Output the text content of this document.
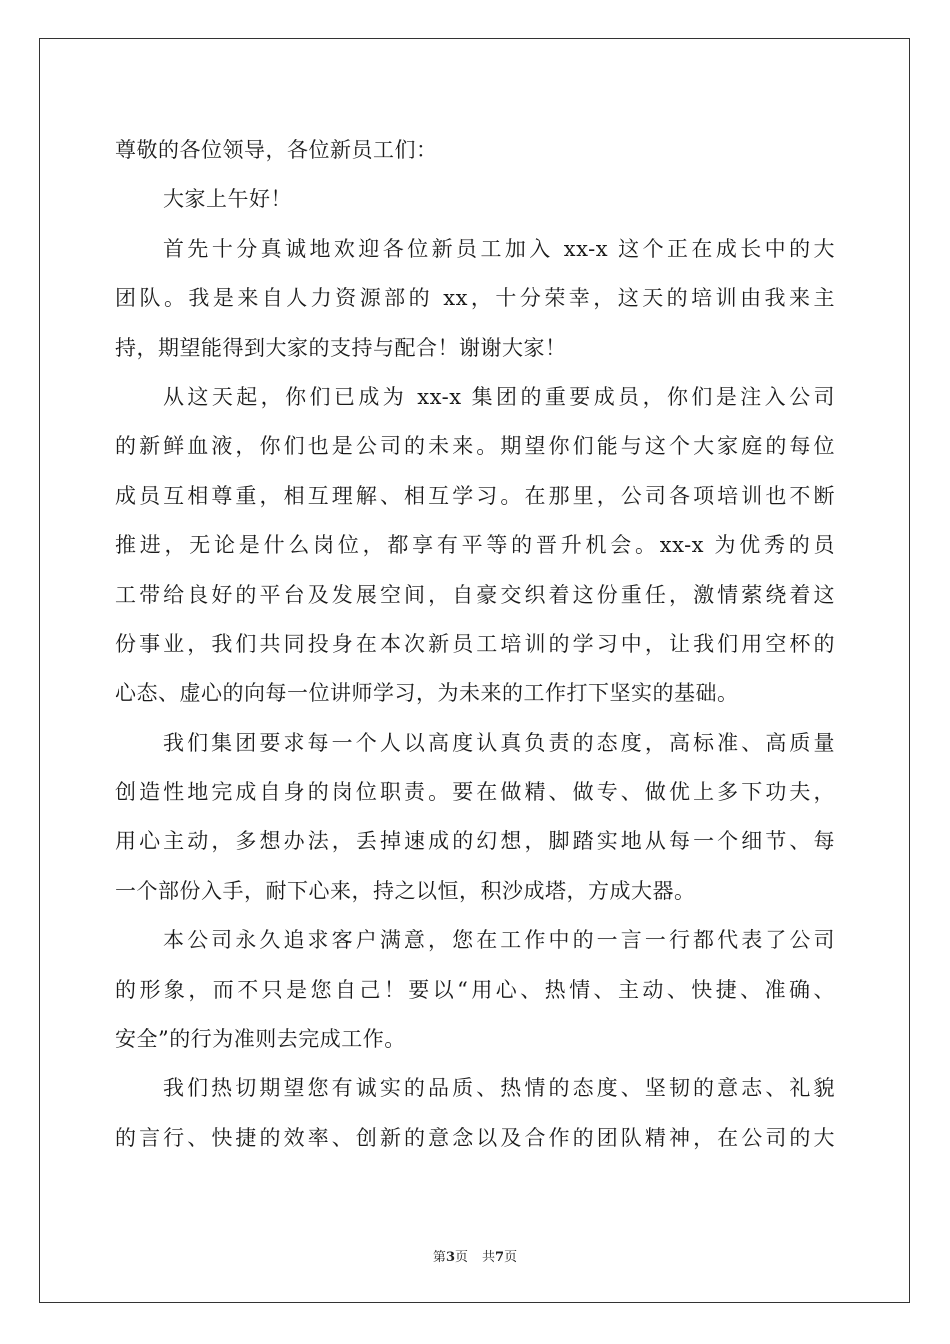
尊敬的各位领导，各位新员工们：
大家上午好！
首先十分真诚地欢迎各位新员工加入 xx-x 这个正在成长中的大
团队。我是来自人力资源部的 xx，十分荣幸，这天的培训由我来主
持，期望能得到大家的支持与配合！谢谢大家！
从这天起，你们已成为 xx-x 集团的重要成员，你们是注入公司
的新鲜血液，你们也是公司的未来。期望你们能与这个大家庭的每位
成员互相尊重，相互理解、相互学习。在那里，公司各项培训也不断
推进，无论是什么岗位，都享有平等的晋升机会。xx-x 为优秀的员
工带给良好的平台及发展空间，自豪交织着这份重任，激情萦绕着这
份事业，我们共同投身在本次新员工培训的学习中，让我们用空杯的
心态、虚心的向每一位讲师学习，为未来的工作打下坚实的基础。
我们集团要求每一个人以高度认真负责的态度，高标准、高质量
创造性地完成自身的岗位职责。要在做精、做专、做优上多下功夫，
用心主动，多想办法，丢掉速成的幻想，脚踏实地从每一个细节、每
一个部份入手，耐下心来，持之以恒，积沙成塔，方成大器。
本公司永久追求客户满意，您在工作中的一言一行都代表了公司
的形象，而不只是您自己！要以“用心、热情、主动、快捷、准确、
安全”的行为准则去完成工作。
我们热切期望您有诚实的品质、热情的态度、坚韧的意志、礼貌
的言行、快捷的效率、创新的意念以及合作的团队精神，在公司的大
第3页 共7页
